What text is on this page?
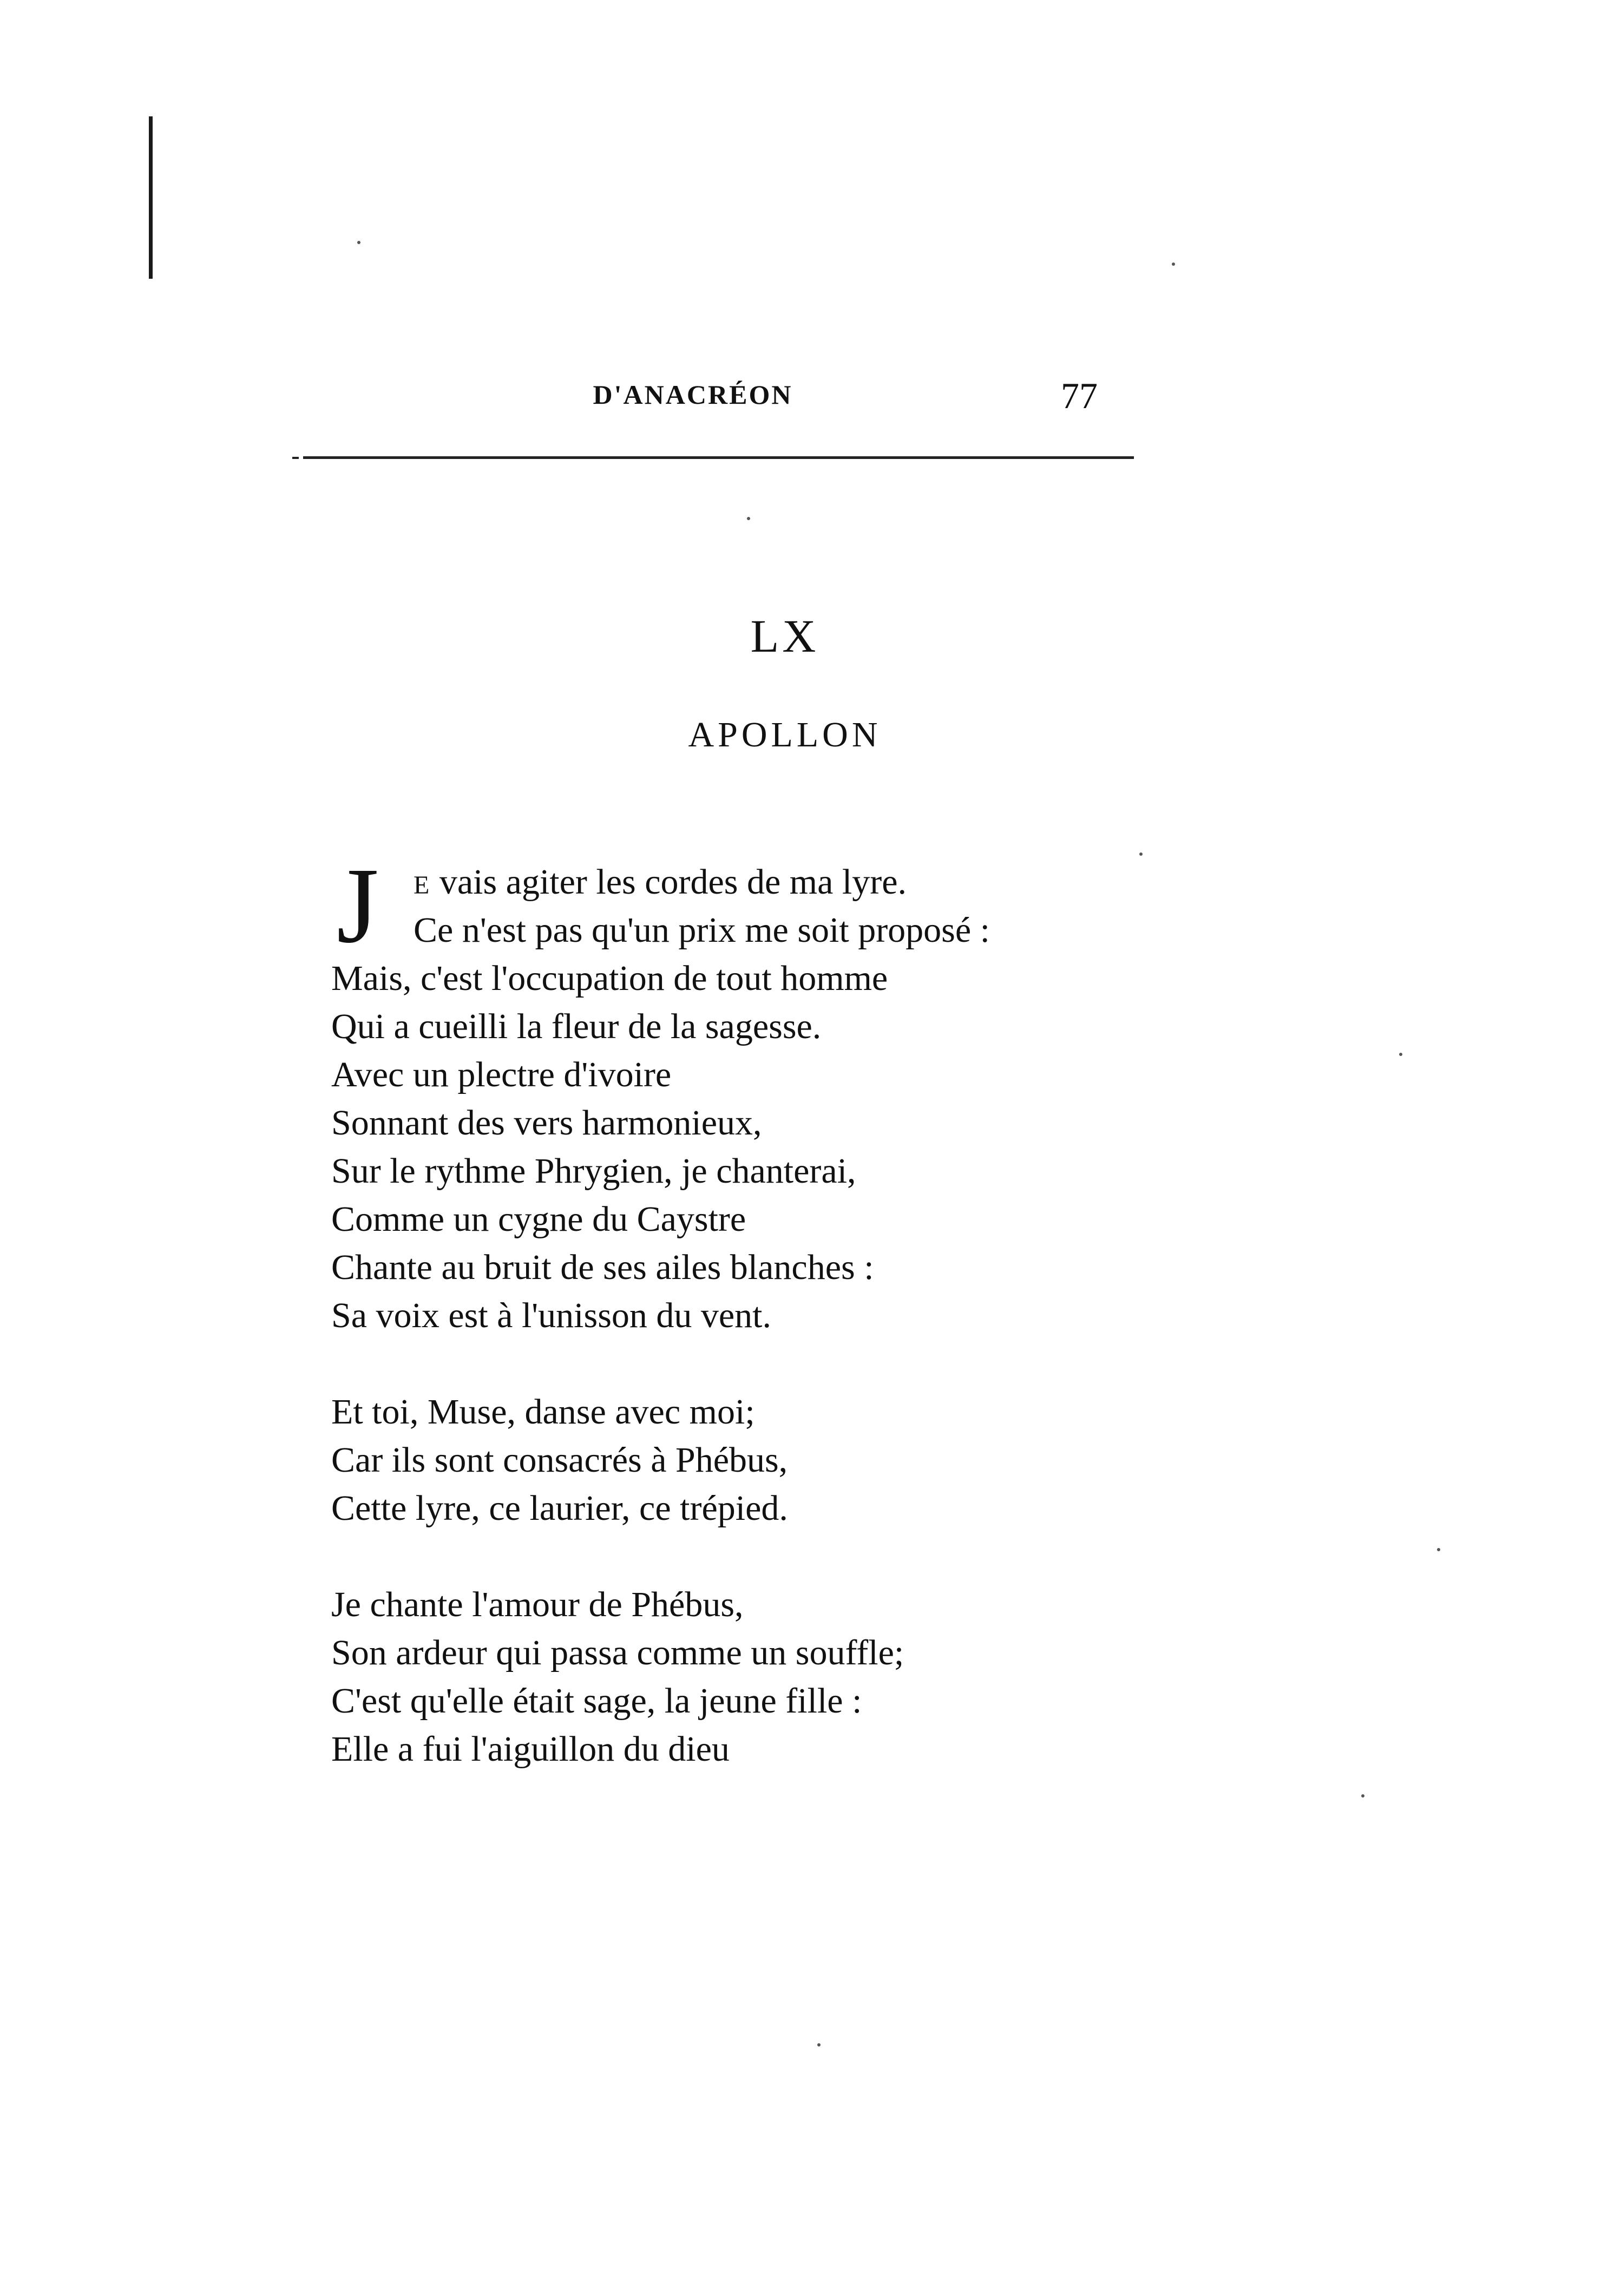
D'ANACRÉON	77
LX
APOLLON
J E vais agiter les cordes de ma lyre.
Ce n'est pas qu'un prix me soit proposé :
Mais, c'est l'occupation de tout homme
Qui a cueilli la fleur de la sagesse.
Avec un plectre d'ivoire
Sonnant des vers harmonieux,
Sur le rythme Phrygien, je chanterai,
Comme un cygne du Caystre
Chante au bruit de ses ailes blanches :
Sa voix est à l'unisson du vent.
Et toi, Muse, danse avec moi;
Car ils sont consacrés à Phébus,
Cette lyre, ce laurier, ce trépied.
Je chante l'amour de Phébus,
Son ardeur qui passa comme un souffle;
C'est qu'elle était sage, la jeune fille :
Elle a fui l'aiguillon du dieu
